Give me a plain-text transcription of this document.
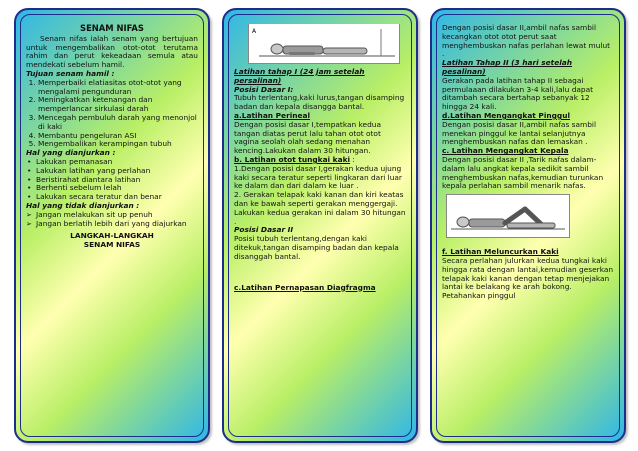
SENAM NIFAS

Senam nifas ialah senam yang bertujuan untuk mengembalikan otot-otot terutama rahim dan perut kekeadaan semula atau mendekati sebelum hamil.

Tujuan senam hamil :
1. Memperbaiki elatiasitas otot-otot yang mengalami pengunduran
2. Meningkatkan ketenangan dan memperlancar sirkulasi darah
3. Mencegah pembuluh darah yang menonjol di kaki
4. Membantu pengeluran ASI
5. Mengembalikan kerampingan tubuh
Hal yang dianjurkan :
• Lakukan pemanasan
• Lakukan latihan yang perlahan
• Beristirahat diantara latihan
• Berhenti sebelum lelah
• Lakukan secara teratur dan benar
Hal yang tidak dianjurkan :
➢ Jangan melakukan sit up penuh
➢ Jangan berlatih lebih dari yang diajurkan
LANGKAH-LANGKAH SENAM NIFAS
A
Latihan tahap I (24 jam setelah persalinan)
Posisi Dasar I:

Tubuh terlentang,kaki lurus,tangan disamping badan dan kepala disangga bantal.

a.Latihan Perineal

Dengan posisi dasar I,tempatkan kedua tangan diatas perut lalu tahan otot otot vagina seolah olah sedang menahan kencing.Lakukan dalam 30 hitungan.

b. Latihan otot tungkai kaki :

1.Dengan posisi dasar I,gerakan kedua ujung kaki secara teratur seperti lingkaran dari luar ke dalam dan dari dalam ke luar .

2. Gerakan telapak kaki kanan dan kiri keatas dan ke bawah seperti gerakan menggergaji. Lakukan kedua gerakan ini dalam 30 hitungan .

Posisi Dasar II

Posisi tubuh terlentang,dengan kaki ditekuk,tangan disamping badan dan kepala disanggah bantal.

c.Latihan Pernapasan Diagfragma

Dengan posisi dasar II,ambil nafas sambil kecangkan otot otot perut saat menghembuskan nafas perlahan lewat mulut .

Latihan Tahap II (3 hari setelah pesalinan)

Gerakan pada latihan tahap II sebagai permulaaan dilakukan 3-4 kali,lalu dapat ditambah secara bertahap sebanyak 12 hingga 24 kali.

d.Latihan Mengangkat Pinggul

Dengan posisi dasar II,ambil nafas sambil menekan pinggul ke lantai selanjutnya menghembuskan nafas dan lemaskan .

c. Latihan Mengangkat Kepala

Dengan posisi dasar II ,Tarik nafas dalam-dalam lalu angkat kepala sedikit sambil menghembuskan nafas,kemudian turunkan kepala perlahan sambil menarik nafas.

f. Latihan Meluncurkan Kaki

Secara perlahan julurkan kedua tungkai kaki hingga rata dengan lantai,kemudian geserkan telapak kaki kanan dengan tetap menjejakan lantai ke belakang ke arah bokong. Petahankan pinggul
